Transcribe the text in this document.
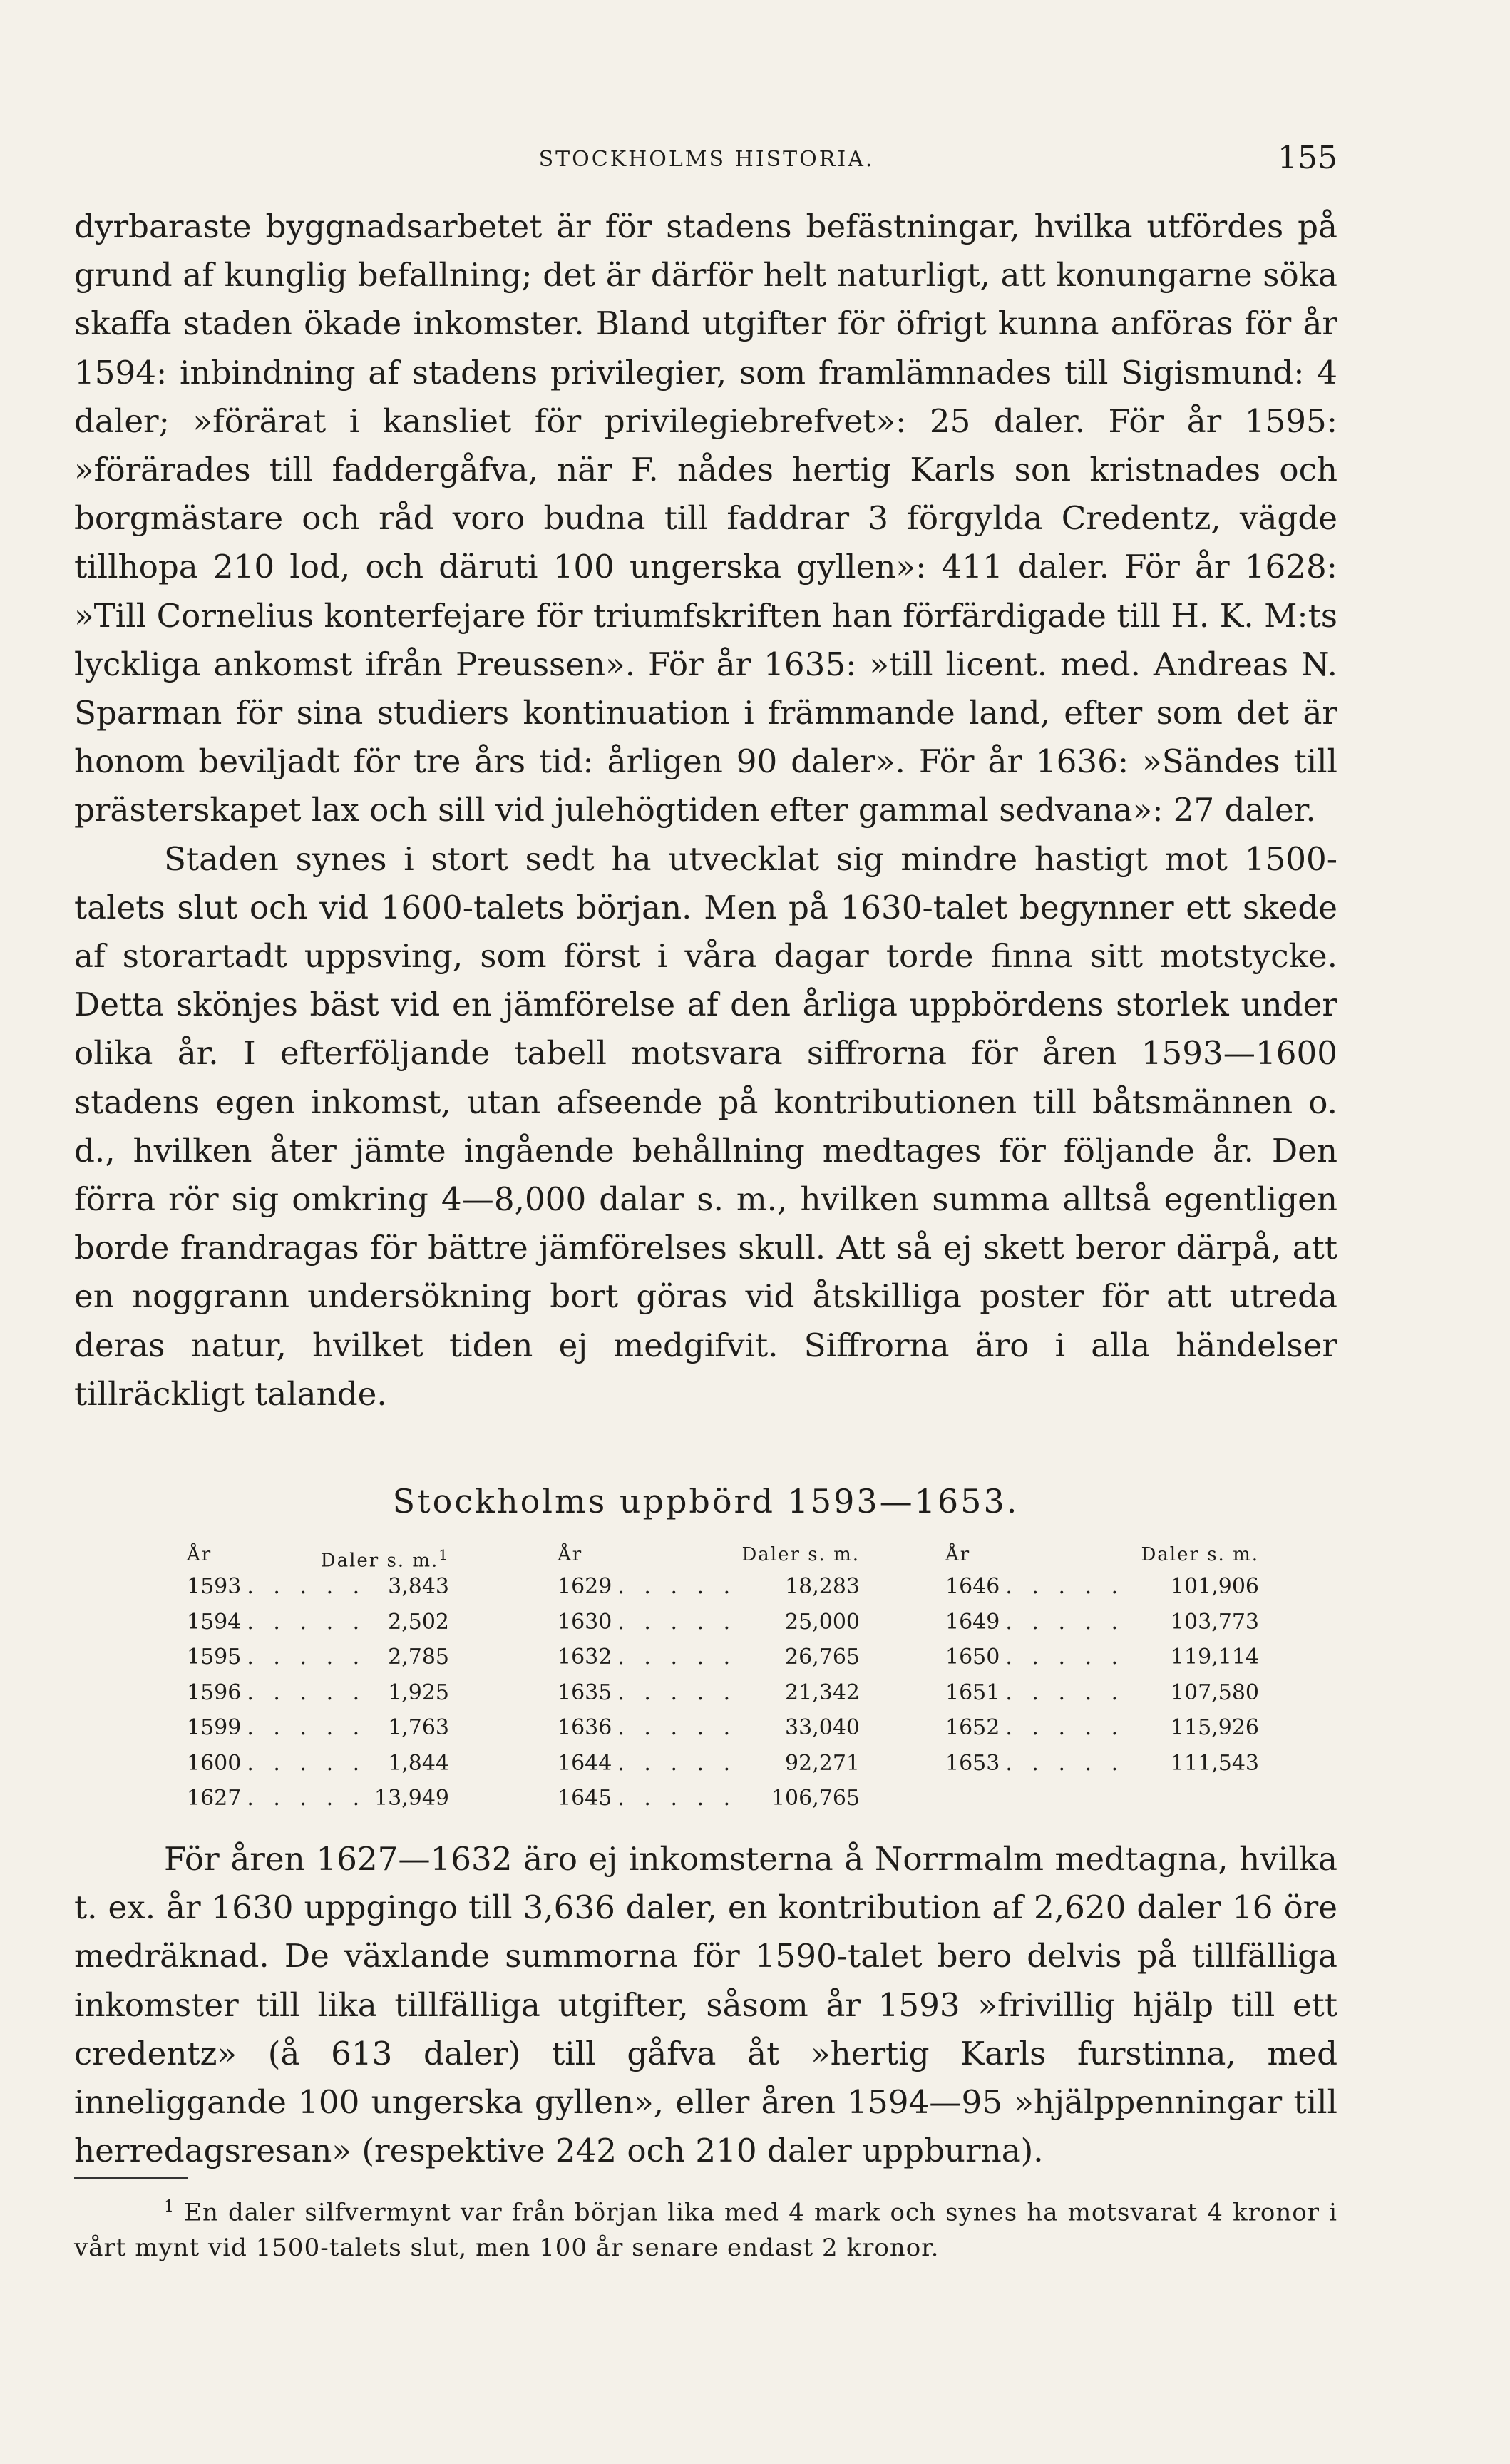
STOCKHOLMS HISTORIA.	155

dyrbaraste byggnadsarbetet är för stadens befästningar, hvilka utfördes på grund af kunglig befallning; det är därför helt naturligt, att konungarne söka skaffa staden ökade inkomster. Bland utgifter för öfrigt kunna anföras för år 1594: inbindning af stadens privilegier, som framlämnades till Sigismund: 4 daler; »förärat i kansliet för privilegiebrefvet»: 25 daler. För år 1595: »förärades till faddergåfva, när F. nådes hertig Karls son kristnades och borgmästare och råd voro budna till faddrar 3 förgylda Credentz, vägde tillhopa 210 lod, och däruti 100 ungerska gyllen»: 411 daler. För år 1628: »Till Cornelius konterfejare för triumfskriften han förfärdigade till H. K. M:ts lyckliga ankomst ifrån Preussen». För år 1635: »till licent. med. Andreas N. Sparman för sina studiers kontinuation i främmande land, efter som det är honom beviljadt för tre års tid: årligen 90 daler». För år 1636: »Sändes till prästerskapet lax och sill vid julehögtiden efter gammal sedvana»: 27 daler.

Staden synes i stort sedt ha utvecklat sig mindre hastigt mot 1500-talets slut och vid 1600-talets början. Men på 1630-talet begynner ett skede af storartadt uppsving, som först i våra dagar torde finna sitt motstycke. Detta skönjes bäst vid en jämförelse af den årliga uppbördens storlek under olika år. I efterföljande tabell motsvara siffrorna för åren 1593—1600 stadens egen inkomst, utan afseende på kontributionen till båtsmännen o. d., hvilken åter jämte ingående behållning medtages för följande år. Den förra rör sig omkring 4—8,000 dalar s. m., hvilken summa alltså egentligen borde frandragas för bättre jämförelses skull. Att så ej skett beror därpå, att en noggrann undersökning bort göras vid åtskilliga poster för att utreda deras natur, hvilket tiden ej medgifvit. Siffrorna äro i alla händelser tillräckligt talande.

Stockholms uppbörd 1593—1653.
År	Daler s. m.$^1$
1593 . . . . .	3,843
1594 . . . . .	2,502
1595 . . . . .	2,785
1596 . . . . .	1,925
1599 . . . . .	1,763
1600 . . . . .	1,844
1627 . . . . . 13,949
År	Daler s. m.
1629 . . . . .	18,283
1630 . . . . .	25,000
1632 . . . . .	26,765
1635 . . . . .	21,342
1636 . . . . .	33,040
1644 . . . . .	92,271
1645 . . . . .	106,765
År	Daler s. m.
1646 . . . . .	101,906
1649 . . . . .	103,773
1650 . . . . .	119,114
1651 . . . . .	107,580
1652 . . . . .	115,926
1653 . . . . .	111,543

För åren 1627—1632 äro ej inkomsterna å Norrmalm medtagna, hvilka t. ex. år 1630 uppgingo till 3,636 daler, en kontribution af 2,620 daler 16 öre medräknad. De växlande summorna för 1590-talet bero delvis på tillfälliga inkomster till lika tillfälliga utgifter, såsom år 1593 »frivillig hjälp till ett credentz» (å 613 daler) till gåfva åt »hertig Karls furstinna, med inneliggande 100 ungerska gyllen», eller åren 1594—95 »hjälppenningar till herredagsresan» (respektive 242 och 210 daler uppburna).

$^1$ En daler silfvermynt var från början lika med 4 mark och synes ha motsvarat 4 kronor i vårt mynt vid 1500-talets slut, men 100 år senare endast 2 kronor.
